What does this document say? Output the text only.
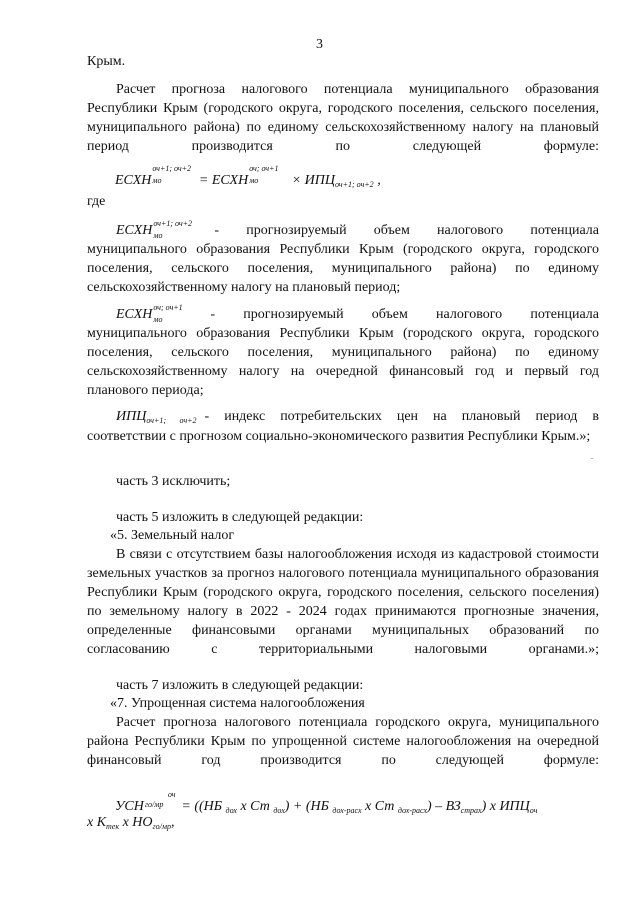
3
Крым.
Расчет прогноза налогового потенциала муниципального образования Республики Крым (городского округа, городского поселения, сельского поселения, муниципального района) по единому сельскохозяйственному налогу на плановый период производится по следующей формуле:
ЕСХН
оч+1; оч+2
мо = ЕСХН
оч; оч+1
мо × $ИПЦ_{оч+1; оч+2}$ ,
где
ЕСХН оч+1; оч+2
мо	- прогнозируемый объем налогового потенциала
муниципального образования Республики Крым (городского округа, городского поселения, сельского поселения, муниципального района) по единому сельскохозяйственному налогу на плановый период;
ЕСХН оч; оч+1
мо	- прогнозируемый объем налогового потенциала
муниципального образования Республики Крым (городского округа, городского поселения, сельского поселения, муниципального района) по единому сельскохозяйственному налогу на очередной финансовый год и первый год планового периода;
$ИПЦ_{оч+1; оч+2}$ - индекс потребительских цен на плановый период в
соответствии с прогнозом социально-экономического развития Республики Крым.»;
часть 3 исключить;
часть 5 изложить в следующей редакции:
«5. Земельный налог
В связи с отсутствием базы налогообложения исходя из кадастровой стоимости земельных участков за прогноз налогового потенциала муниципального образования Республики Крым (городского округа, городского поселения, сельского поселения) по земельному налогу в 2022 - 2024 годах принимаются прогнозные значения, определенные финансовыми органами муниципальных образований по согласованию с территориальными налоговыми органами.»;
часть 7 изложить в следующей редакции:
«7. Упрощенная система налогообложения
Расчет прогноза налогового потенциала городского округа, муниципального района Республики Крым по упрощенной системе налогообложения на очередной финансовый год производится по следующей формуле:
УСН го/мр
оч
= ((НБ $_{дох}$ x Ст $_{дох}$) + (НБ $_{дох-расх}$ x Ст $_{дох-расх}) - ВЗ_{страх}$) x $ИПЦ_{оч}$
x $К_{тек}$ x $НО_{го/мр}$,
